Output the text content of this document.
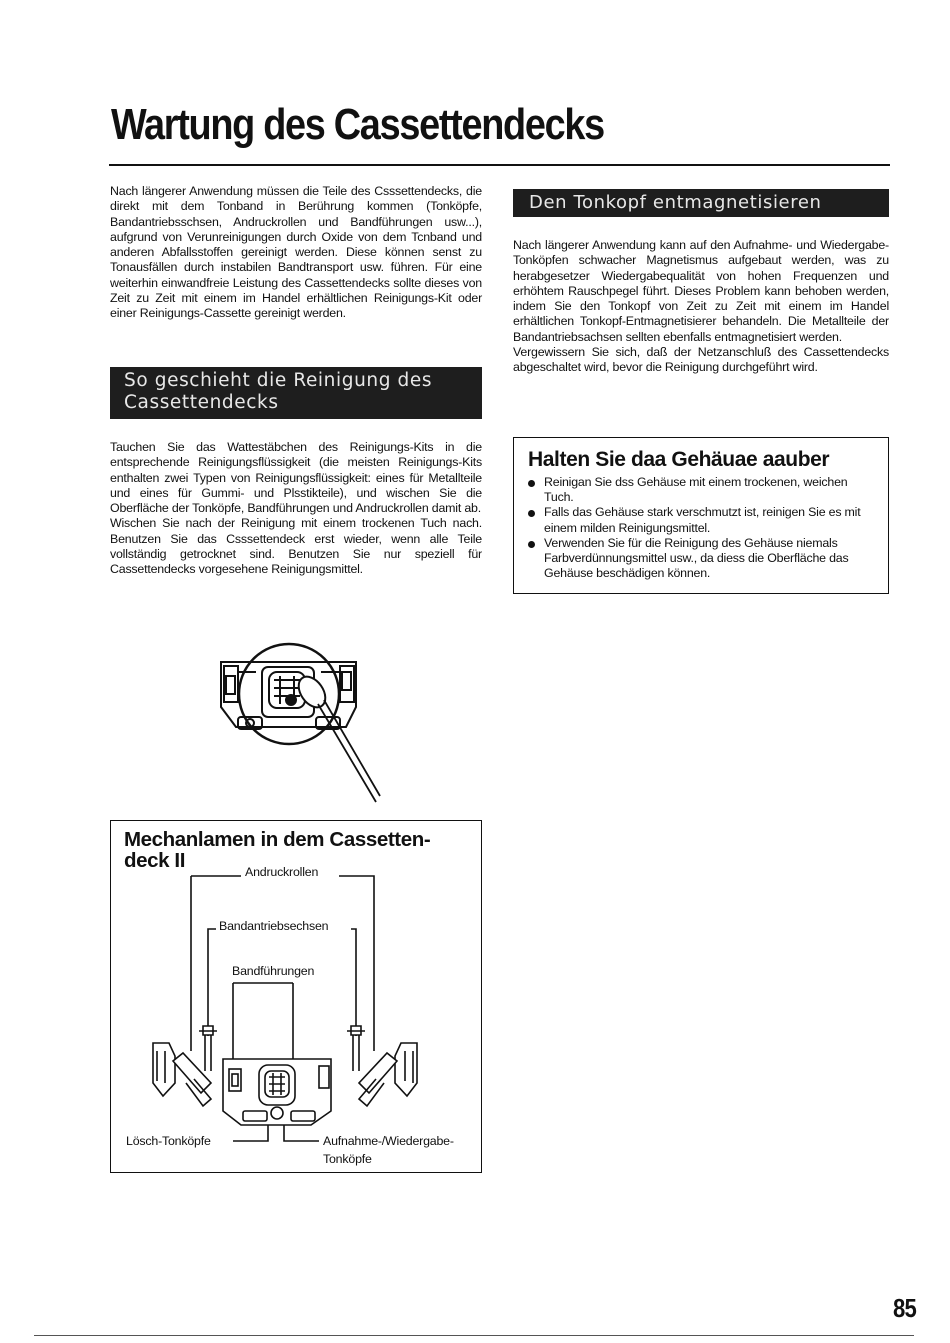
Wartung des Cassettendecks

Nach längerer Anwendung müssen die Teile des Csssettendecks, die direkt mit dem Tonband in Berührung kommen (Tonköpfe, Bandantriebsschsen, Andruckrollen und Bandführungen usw...), aufgrund von Verunreinigungen durch Oxide von dem Tcnband und anderen Abfallsstoffen gereinigt werden. Diese können senst zu Tonausfällen durch instabilen Bandtransport usw. führen. Für eine weiterhin einwandfreie Leistung des Cassettendecks sollte dieses von Zeit zu Zeit mit einem im Handel erhältlichen Reinigungs-Kit oder einer Reinigungs-Cassette gereinigt werden.

So geschieht die Reinigung des
Cassettendecks

Tauchen Sie das Wattestäbchen des Reinigungs-Kits in die entsprechende Reinigungsflüssigkeit (die meisten Reinigungs-Kits enthalten zwei Typen von Reinigungsflüssigkeit: eines für Metallteile und eines für Gummi- und Plsstikteile), und wischen Sie die Oberfläche der Tonköpfe, Bandführungen und Andruckrollen damit ab.

Wischen Sie nach der Reinigung mit einem trockenen Tuch nach. Benutzen Sie das Csssettendeck erst wieder, wenn alle Teile vollständig getrocknet sind. Benutzen Sie nur speziell für Cassettendecks vorgesehene Reinigungsmittel.

Den Tonkopf entmagnetisieren

Nach längerer Anwendung kann auf den Aufnahme- und Wiedergabe-Tonköpfen schwacher Magnetismus aufgebaut werden, was zu herabgesetzer Wiedergabequalität von hohen Frequenzen und erhöhtem Rauschpegel führt. Dieses Problem kann behoben werden, indem Sie den Tonkopf von Zeit zu Zeit mit einem im Handel erhältlichen Tonkopf-Entmagnetisierer behandeln. Die Metallteile der Bandantriebsachsen sellten ebenfalls entmagnetisiert werden.

Vergewissern Sie sich, daß der Netzanschluß des Cassettendecks abgeschaltet wird, bevor die Reinigung durchgeführt wird.

Halten Sie daa Gehäuae aauber
Reinigan Sie dss Gehäuse mit einem trockenen, weichen Tuch.
Falls das Gehäuse stark verschmutzt ist, reinigen Sie es mit einem milden Reinigungsmittel.
Verwenden Sie für die Reinigung des Gehäuse niemals Farbverdünnungsmittel usw., da diess die Oberfläche das Gehäuse beschädigen können.
Mechanlamen in dem Cassetten-
deck II	Andruckrollen
Bandantriebsechsen
Bandführungen
Lösch-Tonköpfe	Aufnahme-/Wiedergabe-
Tonköpfe
85
